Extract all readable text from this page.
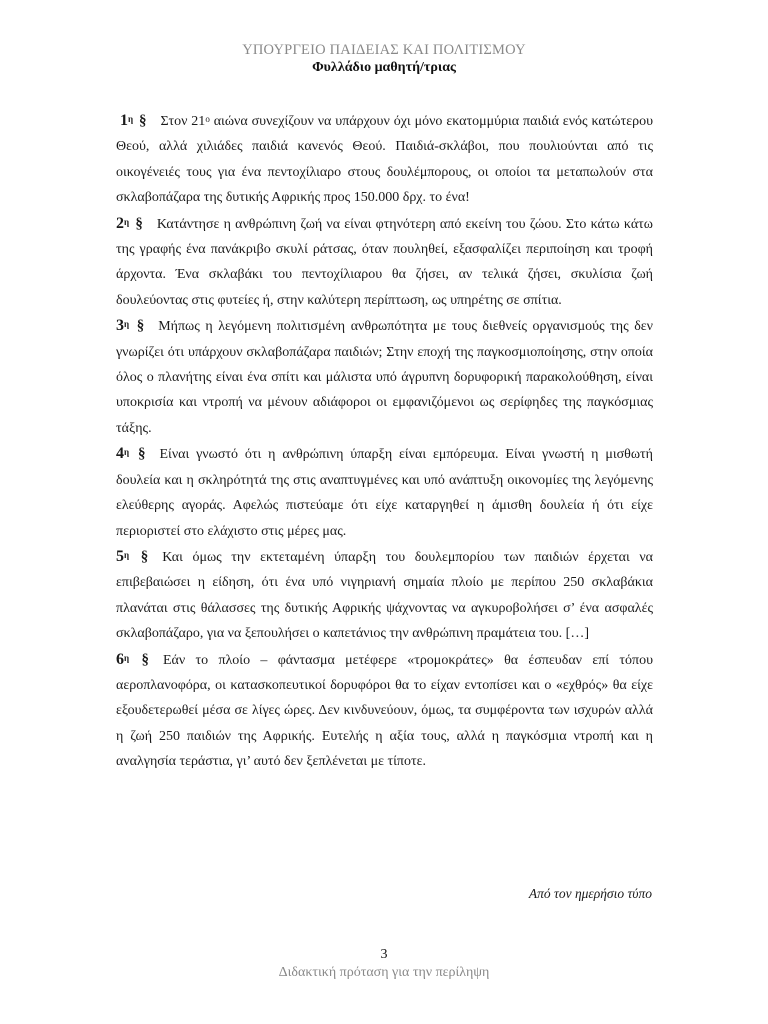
ΥΠΟΥΡΓΕΙΟ ΠΑΙΔΕΙΑΣ ΚΑΙ ΠΟΛΙΤΙΣΜΟΥ
Φυλλάδιο μαθητή/τριας

$1^\eta$ § Στον $21^o$ αιώνα συνεχίζουν να υπάρχουν όχι μόνο εκατομμύρια παιδιά ενός κατώτερου Θεού, αλλά χιλιάδες παιδιά κανενός Θεού. Παιδιά-σκλάβοι, που πουλιούνται από τις οικογένειές τους για ένα πεντοχίλιαρο στους δουλέμπορους, οι οποίοι τα μεταπωλούν στα σκλαβοπάζαρα της δυτικής Αφρικής προς 150.000 δρχ. το ένα!

$2^\eta$ § Κατάντησε η ανθρώπινη ζωή να είναι φτηνότερη από εκείνη του ζώου. Στο κάτω κάτω της γραφής ένα πανάκριβο σκυλί ράτσας, όταν πουληθεί, εξασφαλίζει περιποίηση και τροφή άρχοντα. Ένα σκλαβάκι του πεντοχίλιαρου θα ζήσει, αν τελικά ζήσει, σκυλίσια ζωή δουλεύοντας στις φυτείες ή, στην καλύτερη περίπτωση, ως υπηρέτης σε σπίτια.

$3^\eta$ § Μήπως η λεγόμενη πολιτισμένη ανθρωπότητα με τους διεθνείς οργανισμούς της δεν γνωρίζει ότι υπάρχουν σκλαβοπάζαρα παιδιών; Στην εποχή της παγκοσμιοποίησης, στην οποία όλος ο πλανήτης είναι ένα σπίτι και μάλιστα υπό άγρυπνη δορυφορική παρακολούθηση, είναι υποκρισία και ντροπή να μένουν αδιάφοροι οι εμφανιζόμενοι ως σερίφηδες της παγκόσμιας τάξης.

$4^\eta$ § Είναι γνωστό ότι η ανθρώπινη ύπαρξη είναι εμπόρευμα. Είναι γνωστή η μισθωτή δουλεία και η σκληρότητά της στις αναπτυγμένες και υπό ανάπτυξη οικονομίες της λεγόμενης ελεύθερης αγοράς. Αφελώς πιστεύαμε ότι είχε καταργηθεί η άμισθη δουλεία ή ότι είχε περιοριστεί στο ελάχιστο στις μέρες μας.

$5^\eta$ § Και όμως την εκτεταμένη ύπαρξη του δουλεμπορίου των παιδιών έρχεται να επιβεβαιώσει η είδηση, ότι ένα υπό νιγηριανή σημαία πλοίο με περίπου 250 σκλαβάκια πλανάται στις θάλασσες της δυτικής Αφρικής ψάχνοντας να αγκυροβολήσει σ’ ένα ασφαλές σκλαβοπάζαρο, για να ξεπουλήσει ο καπετάνιος την ανθρώπινη πραμάτεια του. […]

$6^\eta$ § Εάν το πλοίο – φάντασμα μετέφερε «τρομοκράτες» θα έσπευδαν επί τόπου αεροπλανοφόρα, οι κατασκοπευτικοί δορυφόροι θα το είχαν εντοπίσει και ο «εχθρός» θα είχε εξουδετερωθεί μέσα σε λίγες ώρες. Δεν κινδυνεύουν, όμως, τα συμφέροντα των ισχυρών αλλά η ζωή 250 παιδιών της Αφρικής. Ευτελής η αξία τους, αλλά η παγκόσμια ντροπή και η αναλγησία τεράστια, γι’ αυτό δεν ξεπλένεται με τίποτε.

Από τον ημερήσιο τύπο
3
Διδακτική πρόταση για την περίληψη
